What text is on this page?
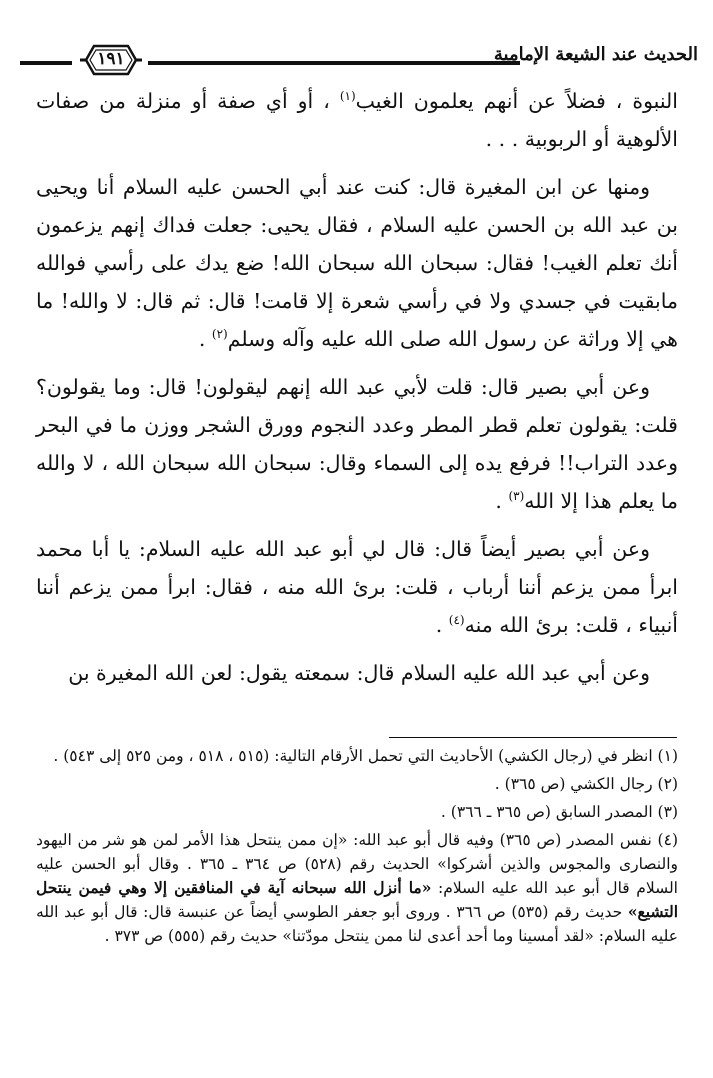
١٩١	الحديث عند الشيعة الإمامية

النبوة ، فضلاً عن أنهم يعلمون الغيب$^{(١)}$ ، أو أي صفة أو منزلة من صفات الألوهية أو الربوبية . . .

ومنها عن ابن المغيرة قال: كنت عند أبي الحسن عليه السلام أنا ويحيى بن عبد الله بن الحسن عليه السلام ، فقال يحيى: جعلت فداك إنهم يزعمون أنك تعلم الغيب! فقال: سبحان الله سبحان الله! ضع يدك على رأسي فوالله مابقيت في جسدي ولا في رأسي شعرة إلا قامت! قال: ثم قال: لا والله! ما هي إلا وراثة عن رسول الله صلى الله عليه وآله وسلم$^{(٢)}$ .

وعن أبي بصير قال: قلت لأبي عبد الله إنهم ليقولون! قال: وما يقولون؟ قلت: يقولون تعلم قطر المطر وعدد النجوم وورق الشجر ووزن ما في البحر وعدد التراب!! فرفع يده إلى السماء وقال: سبحان الله سبحان الله ، لا والله ما يعلم هذا إلا الله$^{(٣)}$ .

وعن أبي بصير أيضاً قال: قال لي أبو عبد الله عليه السلام: يا أبا محمد ابرأ ممن يزعم أننا أرباب ، قلت: برئ الله منه ، فقال: ابرأ ممن يزعم أننا أنبياء ، قلت: برئ الله منه$^{(٤)}$ .

وعن أبي عبد الله عليه السلام قال: سمعته يقول: لعن الله المغيرة بن

(١) انظر في (رجال الكشي) الأحاديث التي تحمل الأرقام التالية: (٥١٥ ، ٥١٨ ، ومن ٥٢٥ إلى ٥٤٣) .

(٢) رجال الكشي (ص ٣٦٥) .

(٣) المصدر السابق (ص ٣٦٥ ـ ٣٦٦) .

(٤) نفس المصدر (ص ٣٦٥) وفيه قال أبو عبد الله: «إن ممن ينتحل هذا الأمر لمن هو شر من اليهود والنصارى والمجوس والذين أشركوا» الحديث رقم (٥٢٨) ص ٣٦٤ ـ ٣٦٥ . وقال أبو الحسن عليه السلام قال أبو عبد الله عليه السلام: «ما أنزل الله سبحانه آية في المنافقين إلا وهي فيمن ينتحل التشيع» حديث رقم (٥٣٥) ص ٣٦٦ . وروى أبو جعفر الطوسي أيضاً عن عنبسة قال: قال أبو عبد الله عليه السلام: «لقد أمسينا وما أحد أعدى لنا ممن ينتحل مودّتنا» حديث رقم (٥٥٥) ص ٣٧٣ .
